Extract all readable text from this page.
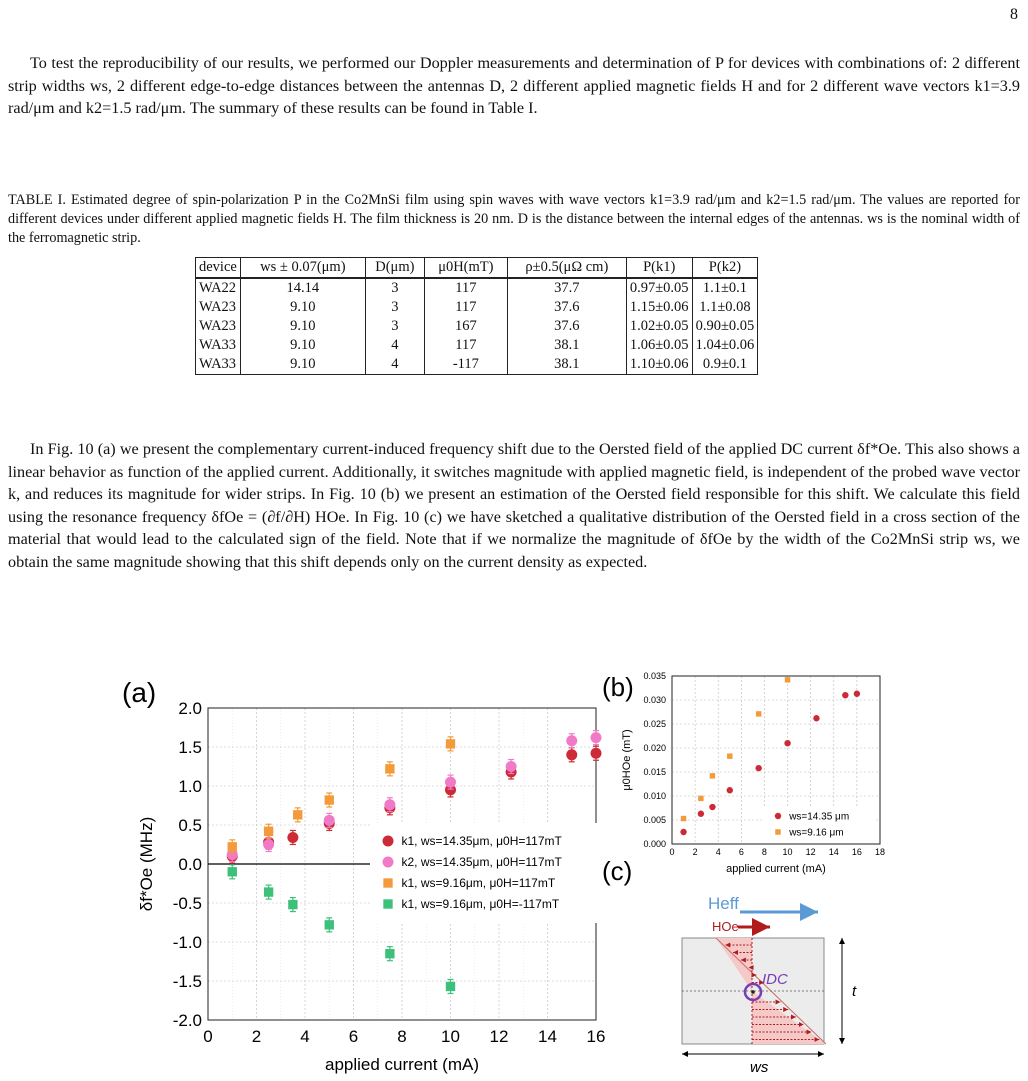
8

To test the reproducibility of our results, we performed our Doppler measurements and determination of P for devices with combinations of: 2 different strip widths ws, 2 different edge-to-edge distances between the antennas D, 2 different applied magnetic fields H and for 2 different wave vectors k1=3.9 rad/μm and k2=1.5 rad/μm. The summary of these results can be found in Table I.

TABLE I. Estimated degree of spin-polarization P in the Co2MnSi film using spin waves with wave vectors k1=3.9 rad/μm and k2=1.5 rad/μm. The values are reported for different devices under different applied magnetic fields H. The film thickness is 20 nm. D is the distance between the internal edges of the antennas. ws is the nominal width of the ferromagnetic strip.

device	ws ± 0.07(μm)	D(μm)	μ0H(mT)	ρ±0.5(μΩ cm)	P(k1)	P(k2)
WA22	14.14	3	117	37.7	0.97±0.05	1.1±0.1
WA23	9.10	3	117	37.6	1.15±0.06	1.1±0.08
WA23	9.10	3	167	37.6	1.02±0.05	0.90±0.05
WA33	9.10	4	117	38.1	1.06±0.05	1.04±0.06
WA33	9.10	4	-117	38.1	1.10±0.06	0.9±0.1

In Fig. 10 (a) we present the complementary current-induced frequency shift due to the Oersted field of the applied DC current δf*Oe. This also shows a linear behavior as function of the applied current. Additionally, it switches magnitude with applied magnetic field, is independent of the probed wave vector k, and reduces its magnitude for wider strips. In Fig. 10 (b) we present an estimation of the Oersted field responsible for this shift. We calculate this field using the resonance frequency δfOe = (∂f/∂H) HOe. In Fig. 10 (c) we have sketched a qualitative distribution of the Oersted field in a cross section of the material that would lead to the calculated sign of the field. Note that if we normalize the magnitude of δfOe by the width of the Co2MnSi strip ws, we obtain the same magnitude showing that this shift depends only on the current density as expected.

(a)
2.0
1.5
1.0
0.5
0.0
-0.5
-1.0
-1.5
-2.0
0 2 4 6 8 10 12 14 16
k1, ws=14.35μm, μ0H=117mT
k2, ws=14.35μm, μ0H=117mT
k1, ws=9.16μm, μ0H=117mT
k1, ws=9.16μm, μ0H=-117mT
applied current (mA)
δf*Oe (MHz)
(b) 0.035
0.030
0.025
0.020
0.015
0.010
0.005
0.000
0 2 4 6 8 10 12 14 16 18
ws=14.35 μm
ws=9.16 μm
applied current (mA)
μ0HOe (mT)
(c)
Heff
HOe
IDC
t
ws
